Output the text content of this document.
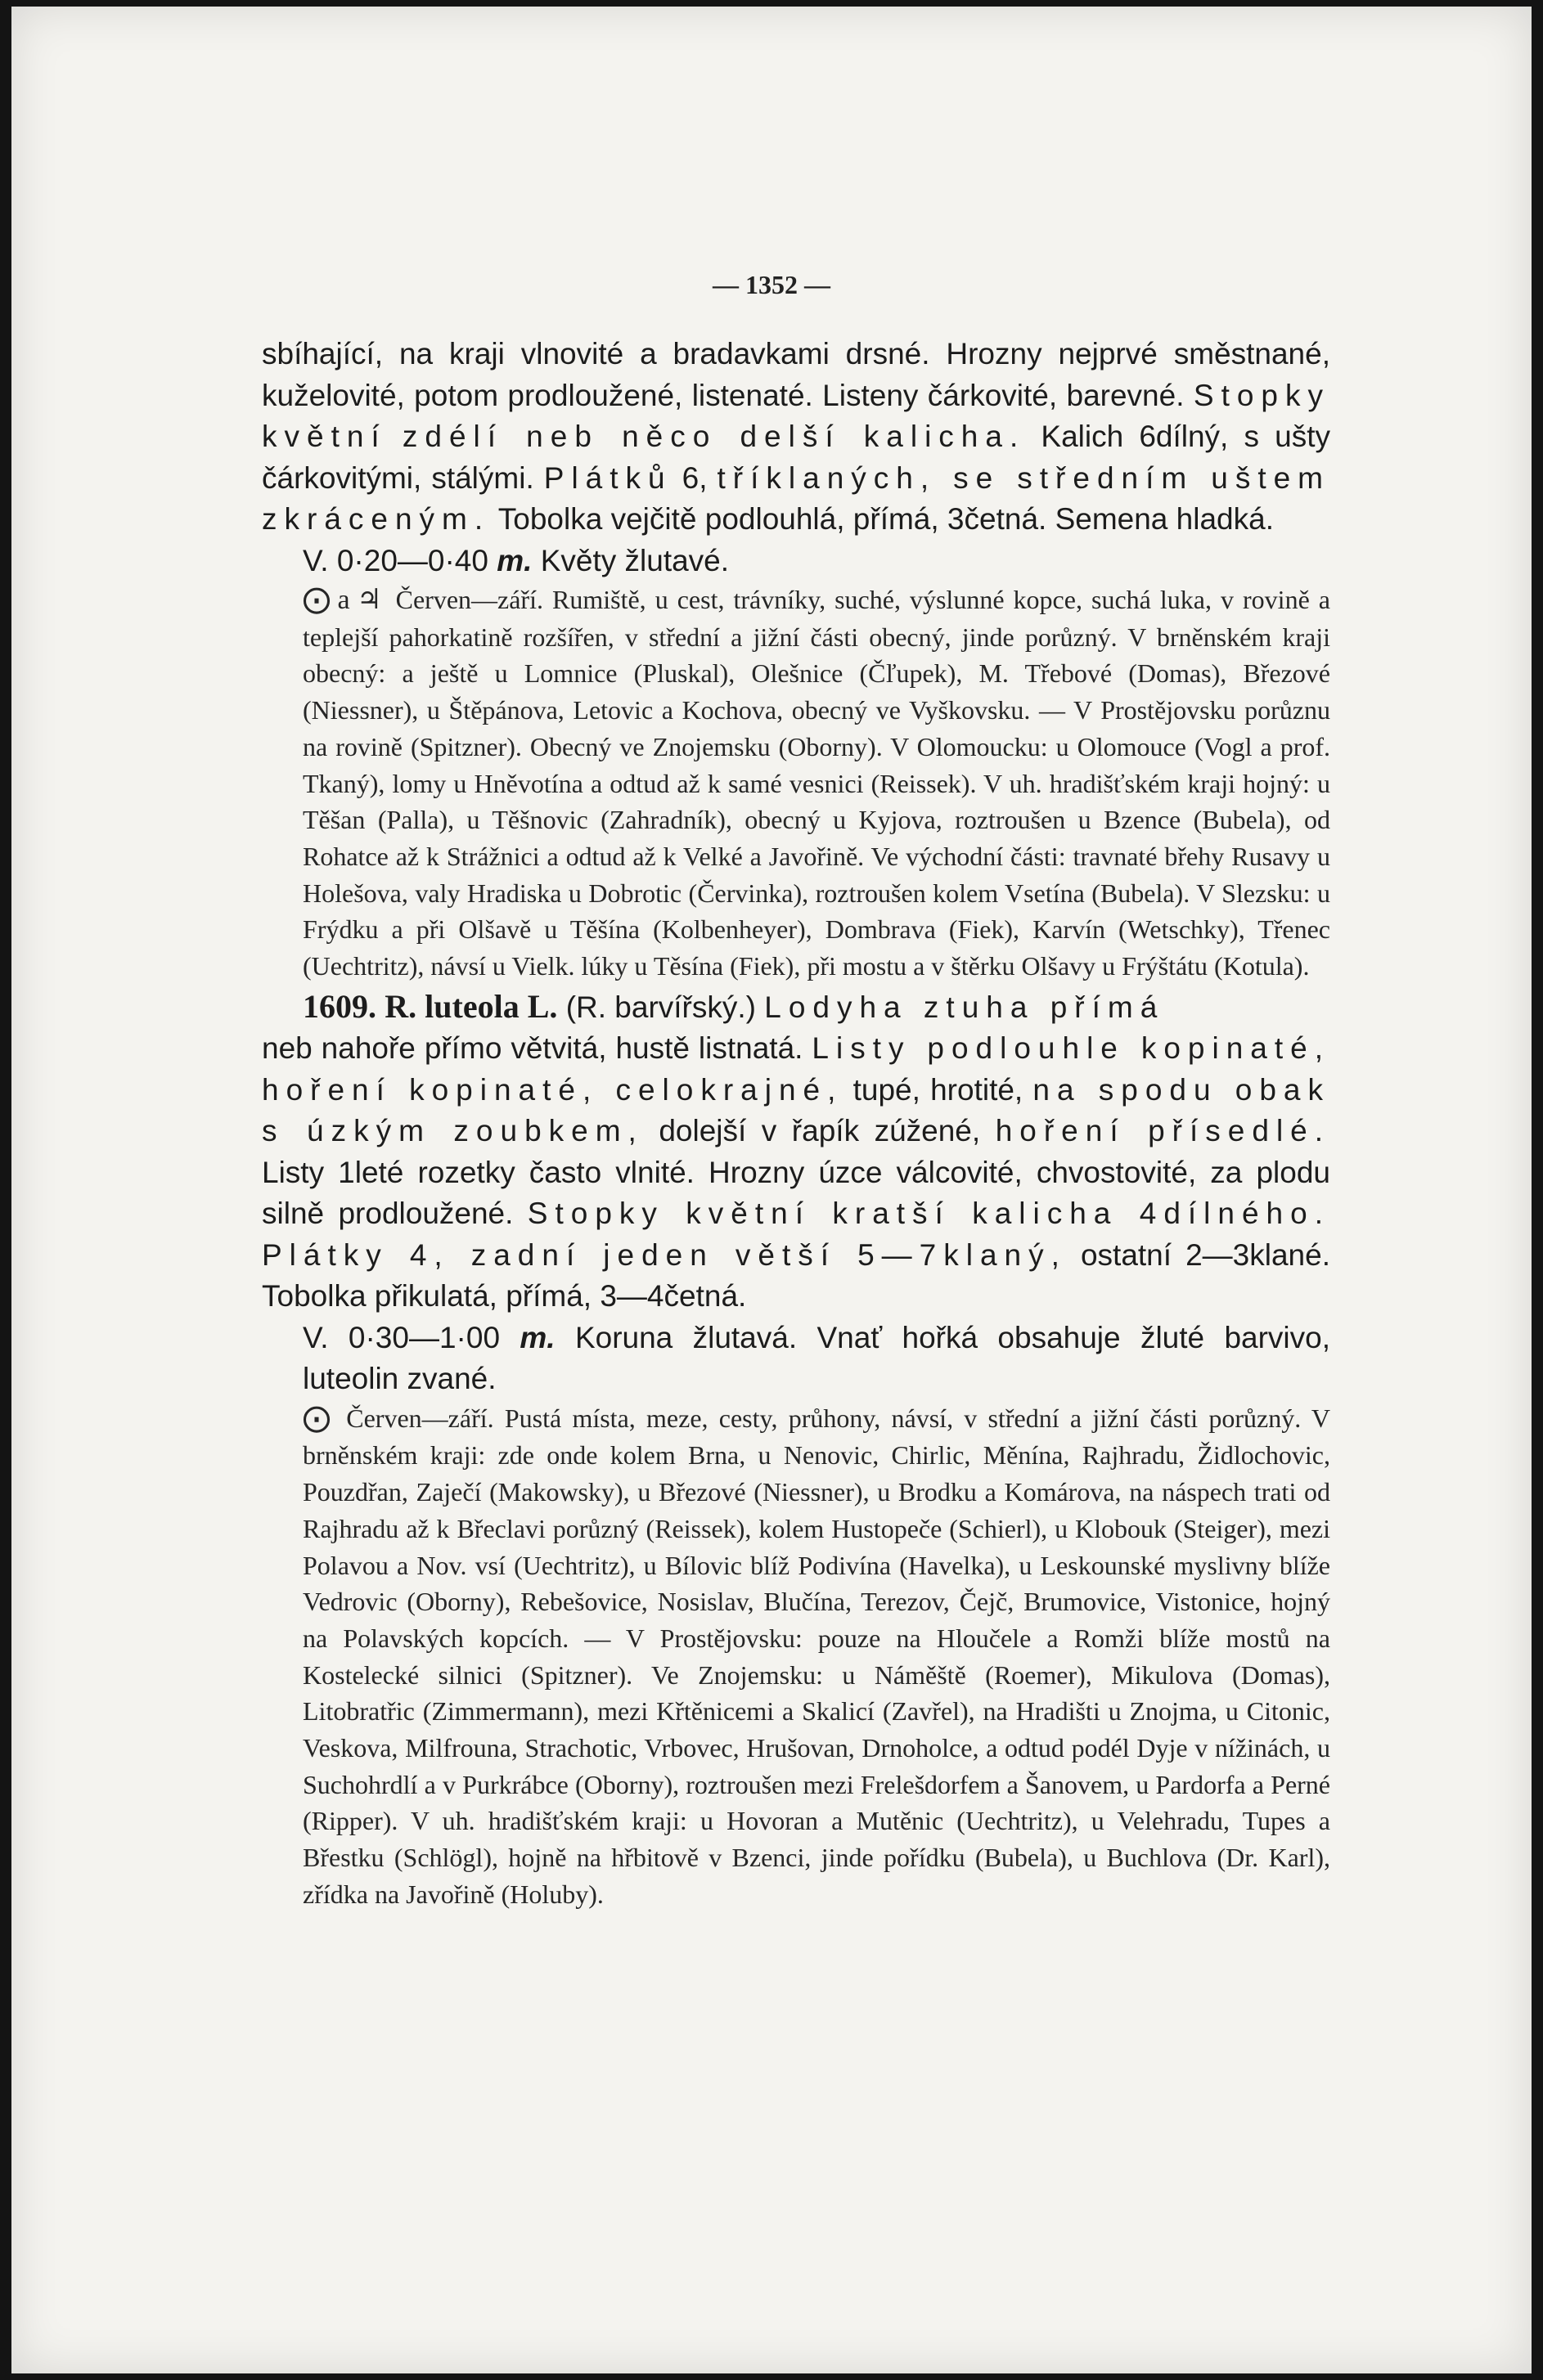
— 1352 —

sbíhající, na kraji vlnovité a bradavkami drsné. Hrozny nejprvé směstnané, kuželovité, potom prodloužené, listenaté. Listeny čárkovité, barevné. Stopky květní zdélí neb něco delší kalicha. Kalich 6dílný, s ušty čárkovitými, stálými. Plátků 6, tříklaných, se středním uštem zkráceným. Tobolka vejčitě podlouhlá, přímá, 3četná. Semena hladká.

V. 0·20—0·40 m. Květy žlutavé.

⨀ a ♃ Červen—září. Rumiště, u cest, trávníky, suché, výslunné kopce, suchá luka, v rovině a teplejší pahorkatině rozšířen, v střední a jižní části obecný, jinde porůzný. V brněnském kraji obecný: a ještě u Lomnice (Pluskal), Olešnice (Čľupek), M. Třebové (Domas), Březové (Niessner), u Štěpánova, Letovic a Kochova, obecný ve Vyškovsku. — V Prostějovsku porůznu na rovině (Spitzner). Obecný ve Znojemsku (Oborny). V Olomoucku: u Olomouce (Vogl a prof. Tkaný), lomy u Hněvotína a odtud až k samé vesnici (Reissek). V uh. hradišťském kraji hojný: u Těšan (Palla), u Těšnovic (Zahradník), obecný u Kyjova, roztroušen u Bzence (Bubela), od Rohatce až k Strážnici a odtud až k Velké a Javořině. Ve východní části: travnaté břehy Rusavy u Holešova, valy Hradiska u Dobrotic (Červinka), roztroušen kolem Vsetína (Bubela). V Slezsku: u Frýdku a při Olšavě u Těšína (Kolbenheyer), Dombrava (Fiek), Karvín (Wetschky), Třenec (Uechtritz), návsí u Vielk. lúky u Těsína (Fiek), při mostu a v štěrku Olšavy u Frýštátu (Kotula).

1609. R. luteola L. (R. barvířský.) Lodyha ztuha přímá

neb nahoře přímo větvitá, hustě listnatá. Listy podlouhle kopinaté, hoření kopinaté, celokrajné, tupé, hrotité, na spodu obak s úzkým zoubkem, dolejší v řapík zúžené, hoření přísedlé. Listy 1leté rozetky často vlnité. Hrozny úzce válcovité, chvostovité, za plodu silně prodloužené. Stopky květní kratší kalicha 4dílného. Plátky 4, zadní jeden větší 5—7klaný, ostatní 2—3klané. Tobolka přikulatá, přímá, 3—4četná.

V. 0·30—1·00 m. Koruna žlutavá. Vnať hořká obsahuje žluté barvivo, luteolin zvané.

⨀ Červen—září. Pustá místa, meze, cesty, průhony, návsí, v střední a jižní části porůzný. V brněnském kraji: zde onde kolem Brna, u Nenovic, Chirlic, Měnína, Rajhradu, Židlochovic, Pouzdřan, Zaječí (Makowsky), u Březové (Niessner), u Brodku a Komárova, na náspech trati od Rajhradu až k Břeclavi porůzný (Reissek), kolem Hustopeče (Schierl), u Klobouk (Steiger), mezi Polavou a Nov. vsí (Uechtritz), u Bílovic blíž Podivína (Havelka), u Leskounské myslivny blíže Vedrovic (Oborny), Rebešovice, Nosislav, Blučína, Terezov, Čejč, Brumovice, Vistonice, hojný na Polavských kopcích. — V Prostějovsku: pouze na Hloučele a Romži blíže mostů na Kostelecké silnici (Spitzner). Ve Znojemsku: u Náměště (Roemer), Mikulova (Domas), Litobratřic (Zimmermann), mezi Křtěnicemi a Skalicí (Zavřel), na Hradišti u Znojma, u Citonic, Veskova, Milfrouna, Strachotic, Vrbovec, Hrušovan, Drnoholce, a odtud podél Dyje v nížinách, u Suchohrdlí a v Purkrábce (Oborny), roztroušen mezi Frelešdorfem a Šanovem, u Pardorfa a Perné (Ripper). V uh. hradišťském kraji: u Hovoran a Mutěnic (Uechtritz), u Velehradu, Tupes a Břestku (Schlögl), hojně na hřbitově v Bzenci, jinde pořídku (Bubela), u Buchlova (Dr. Karl), zřídka na Javořině (Holuby).
